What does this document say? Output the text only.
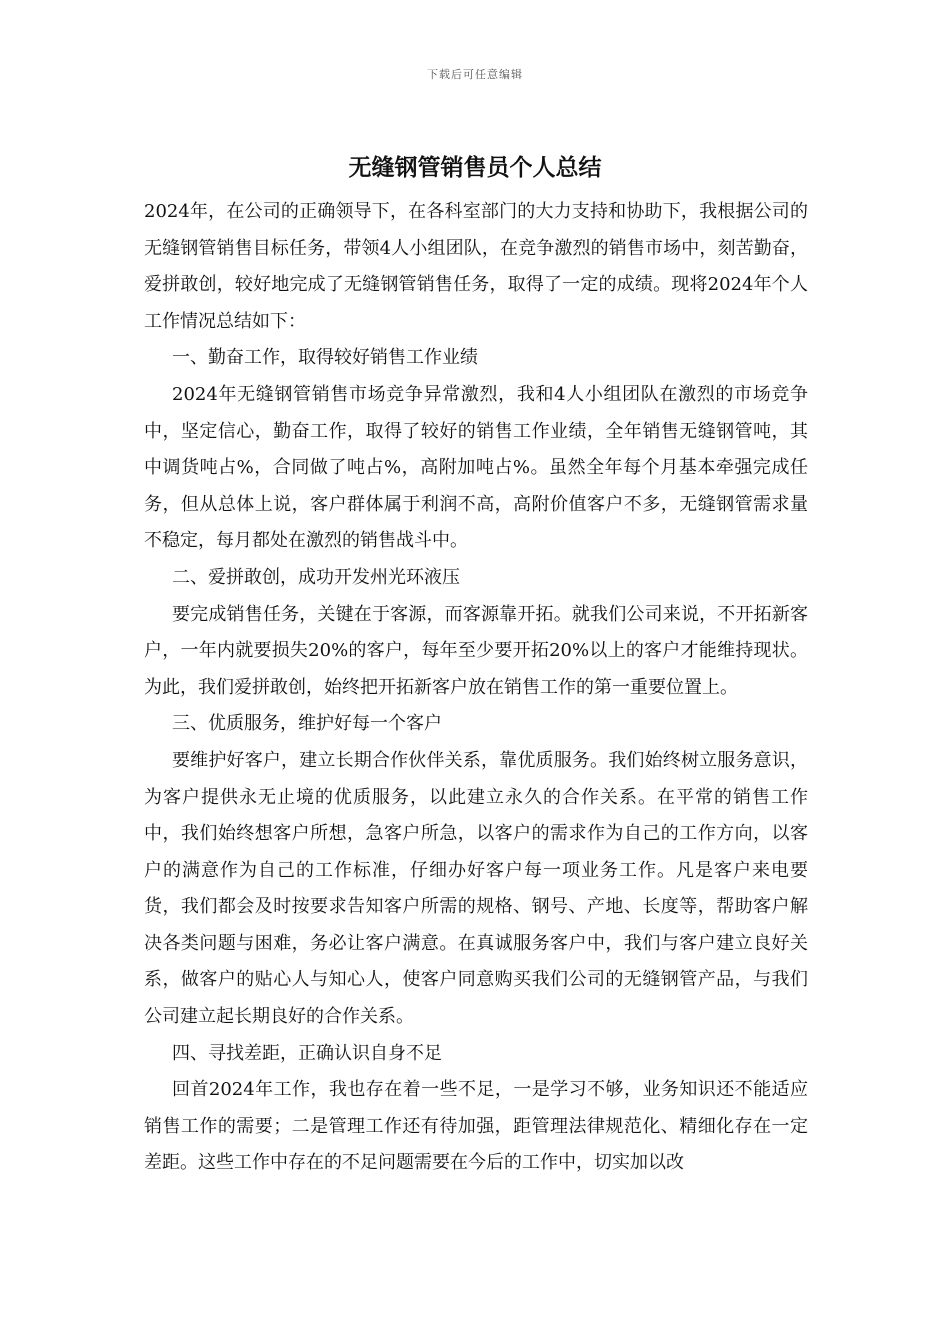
下载后可任意编辑
无缝钢管销售员个人总结

2024年，在公司的正确领导下，在各科室部门的大力支持和协助下，我根据公司的无缝钢管销售目标任务，带领4人小组团队，在竞争激烈的销售市场中，刻苦勤奋，爱拼敢创，较好地完成了无缝钢管销售任务，取得了一定的成绩。现将2024年个人工作情况总结如下：

一、勤奋工作，取得较好销售工作业绩

2024年无缝钢管销售市场竞争异常激烈，我和4人小组团队在激烈的市场竞争中，坚定信心，勤奋工作，取得了较好的销售工作业绩，全年销售无缝钢管吨，其中调货吨占%，合同做了吨占%，高附加吨占%。虽然全年每个月基本牵强完成任务，但从总体上说，客户群体属于利润不高，高附价值客户不多，无缝钢管需求量不稳定，每月都处在激烈的销售战斗中。

二、爱拼敢创，成功开发州光环液压

要完成销售任务，关键在于客源，而客源靠开拓。就我们公司来说，不开拓新客户，一年内就要损失20%的客户，每年至少要开拓20%以上的客户才能维持现状。为此，我们爱拼敢创，始终把开拓新客户放在销售工作的第一重要位置上。

三、优质服务，维护好每一个客户

要维护好客户，建立长期合作伙伴关系，靠优质服务。我们始终树立服务意识，为客户提供永无止境的优质服务，以此建立永久的合作关系。在平常的销售工作中，我们始终想客户所想，急客户所急，以客户的需求作为自己的工作方向，以客户的满意作为自己的工作标准，仔细办好客户每一项业务工作。凡是客户来电要货，我们都会及时按要求告知客户所需的规格、钢号、产地、长度等，帮助客户解决各类问题与困难，务必让客户满意。在真诚服务客户中，我们与客户建立良好关系，做客户的贴心人与知心人，使客户同意购买我们公司的无缝钢管产品，与我们公司建立起长期良好的合作关系。

四、寻找差距，正确认识自身不足

回首2024年工作，我也存在着一些不足，一是学习不够，业务知识还不能适应销售工作的需要；二是管理工作还有待加强，距管理法律规范化、精细化存在一定差距。这些工作中存在的不足问题需要在今后的工作中，切实加以改
